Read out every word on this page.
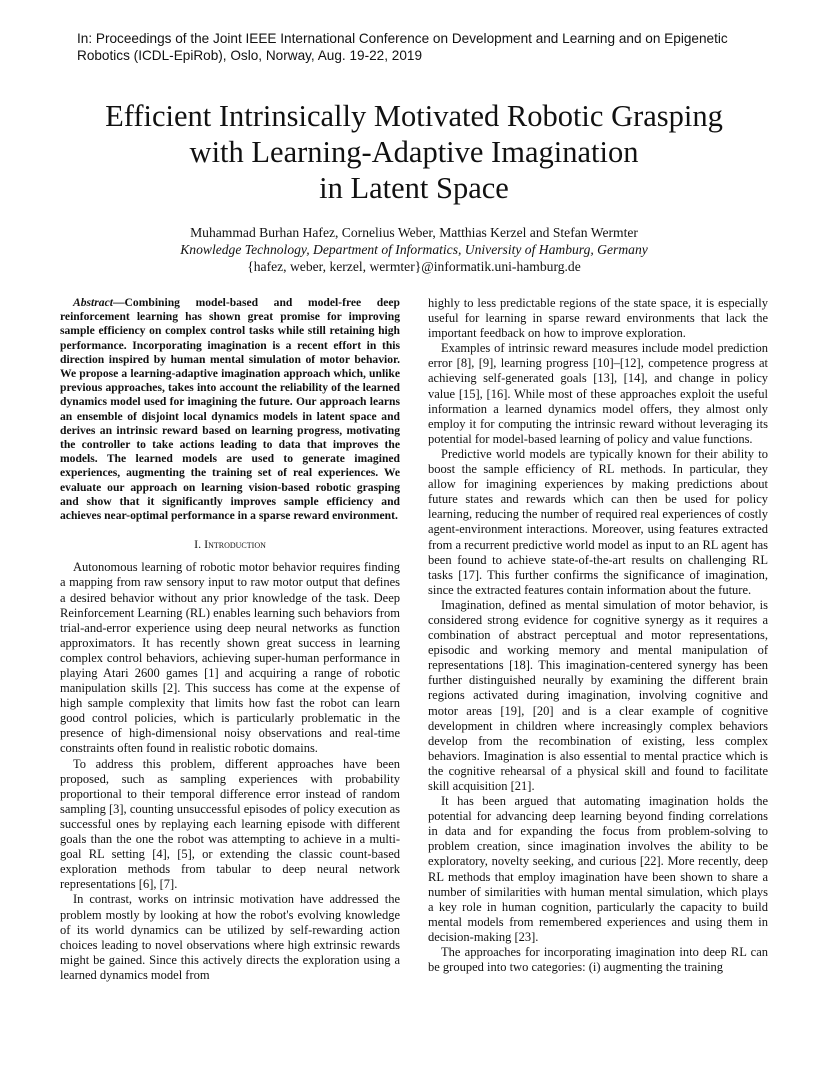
In: Proceedings of the Joint IEEE International Conference on Development and Learning and on Epigenetic Robotics (ICDL-EpiRob), Oslo, Norway, Aug. 19-22, 2019
Efficient Intrinsically Motivated Robotic Grasping
with Learning-Adaptive Imagination
in Latent Space
Muhammad Burhan Hafez, Cornelius Weber, Matthias Kerzel and Stefan Wermter
Knowledge Technology, Department of Informatics, University of Hamburg, Germany
{hafez, weber, kerzel, wermter}@informatik.uni-hamburg.de

Abstract—Combining model-based and model-free deep reinforcement learning has shown great promise for improving sample efficiency on complex control tasks while still retaining high performance. Incorporating imagination is a recent effort in this direction inspired by human mental simulation of motor behavior. We propose a learning-adaptive imagination approach which, unlike previous approaches, takes into account the reliability of the learned dynamics model used for imagining the future. Our approach learns an ensemble of disjoint local dynamics models in latent space and derives an intrinsic reward based on learning progress, motivating the controller to take actions leading to data that improves the models. The learned models are used to generate imagined experiences, augmenting the training set of real experiences. We evaluate our approach on learning vision-based robotic grasping and show that it significantly improves sample efficiency and achieves near-optimal performance in a sparse reward environment.

I. Introduction

Autonomous learning of robotic motor behavior requires finding a mapping from raw sensory input to raw motor output that defines a desired behavior without any prior knowledge of the task. Deep Reinforcement Learning (RL) enables learning such behaviors from trial-and-error experience using deep neural networks as function approximators. It has recently shown great success in learning complex control behaviors, achieving super-human performance in playing Atari 2600 games [1] and acquiring a range of robotic manipulation skills [2]. This success has come at the expense of high sample complexity that limits how fast the robot can learn good control policies, which is particularly problematic in the presence of high-dimensional noisy observations and real-time constraints often found in realistic robotic domains.

To address this problem, different approaches have been proposed, such as sampling experiences with probability proportional to their temporal difference error instead of random sampling [3], counting unsuccessful episodes of policy execution as successful ones by replaying each learning episode with different goals than the one the robot was attempting to achieve in a multi-goal RL setting [4], [5], or extending the classic count-based exploration methods from tabular to deep neural network representations [6], [7].

In contrast, works on intrinsic motivation have addressed the problem mostly by looking at how the robot's evolving knowledge of its world dynamics can be utilized by self-rewarding action choices leading to novel observations where high extrinsic rewards might be gained. Since this actively directs the exploration using a learned dynamics model from

highly to less predictable regions of the state space, it is especially useful for learning in sparse reward environments that lack the important feedback on how to improve exploration.

Examples of intrinsic reward measures include model prediction error [8], [9], learning progress [10]–[12], competence progress at achieving self-generated goals [13], [14], and change in policy value [15], [16]. While most of these approaches exploit the useful information a learned dynamics model offers, they almost only employ it for computing the intrinsic reward without leveraging its potential for model-based learning of policy and value functions.

Predictive world models are typically known for their ability to boost the sample efficiency of RL methods. In particular, they allow for imagining experiences by making predictions about future states and rewards which can then be used for policy learning, reducing the number of required real experiences of costly agent-environment interactions. Moreover, using features extracted from a recurrent predictive world model as input to an RL agent has been found to achieve state-of-the-art results on challenging RL tasks [17]. This further confirms the significance of imagination, since the extracted features contain information about the future.

Imagination, defined as mental simulation of motor behavior, is considered strong evidence for cognitive synergy as it requires a combination of abstract perceptual and motor representations, episodic and working memory and mental manipulation of representations [18]. This imagination-centered synergy has been further distinguished neurally by examining the different brain regions activated during imagination, involving cognitive and motor areas [19], [20] and is a clear example of cognitive development in children where increasingly complex behaviors develop from the recombination of existing, less complex behaviors. Imagination is also essential to mental practice which is the cognitive rehearsal of a physical skill and found to facilitate skill acquisition [21].

It has been argued that automating imagination holds the potential for advancing deep learning beyond finding correlations in data and for expanding the focus from problem-solving to problem creation, since imagination involves the ability to be exploratory, novelty seeking, and curious [22]. More recently, deep RL methods that employ imagination have been shown to share a number of similarities with human mental simulation, which plays a key role in human cognition, particularly the capacity to build mental models from remembered experiences and using them in decision-making [23].

The approaches for incorporating imagination into deep RL can be grouped into two categories: (i) augmenting the training
